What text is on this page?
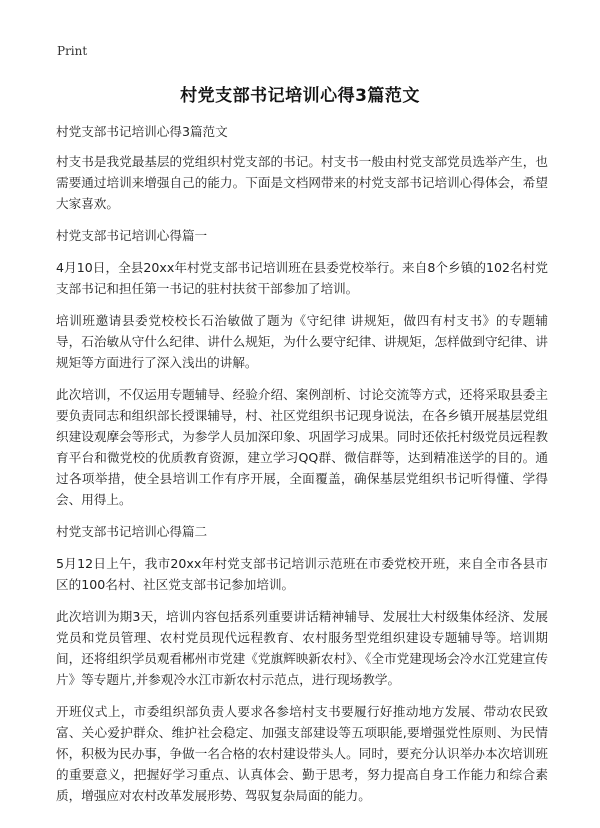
Print
村党支部书记培训心得3篇范文

村党支部书记培训心得3篇范文

村支书是我党最基层的党组织村党支部的书记。村支书一般由村党支部党员选举产生，也需要通过培训来增强自己的能力。下面是文档网带来的村党支部书记培训心得体会，希望大家喜欢。

村党支部书记培训心得篇一

4月10日，全县20xx年村党支部书记培训班在县委党校举行。来自8个乡镇的102名村党支部书记和担任第一书记的驻村扶贫干部参加了培训。

培训班邀请县委党校校长石治敏做了题为《守纪律 讲规矩，做四有村支书》的专题辅导，石治敏从守什么纪律、讲什么规矩，为什么要守纪律、讲规矩，怎样做到守纪律、讲规矩等方面进行了深入浅出的讲解。

此次培训，不仅运用专题辅导、经验介绍、案例剖析、讨论交流等方式，还将采取县委主要负责同志和组织部长授课辅导，村、社区党组织书记现身说法，在各乡镇开展基层党组织建设观摩会等形式，为参学人员加深印象、巩固学习成果。同时还依托村级党员远程教育平台和微党校的优质教育资源，建立学习QQ群、微信群等，达到精准送学的目的。通过各项举措，使全县培训工作有序开展，全面覆盖，确保基层党组织书记听得懂、学得会、用得上。

村党支部书记培训心得篇二

5月12日上午，我市20xx年村党支部书记培训示范班在市委党校开班，来自全市各县市区的100名村、社区党支部书记参加培训。

此次培训为期3天，培训内容包括系列重要讲话精神辅导、发展壮大村级集体经济、发展党员和党员管理、农村党员现代远程教育、农村服务型党组织建设专题辅导等。培训期间，还将组织学员观看郴州市党建《党旗辉映新农村》、《全市党建现场会冷水江党建宣传片》等专题片,并参观冷水江市新农村示范点，进行现场教学。

开班仪式上，市委组织部负责人要求各参培村支书要履行好推动地方发展、带动农民致富、关心爱护群众、维护社会稳定、加强支部建设等五项职能,要增强党性原则、为民情怀，积极为民办事，争做一名合格的农村建设带头人。同时，要充分认识举办本次培训班的重要意义，把握好学习重点、认真体会、勤于思考，努力提高自身工作能力和综合素质，增强应对农村改革发展形势、驾驭复杂局面的能力。
